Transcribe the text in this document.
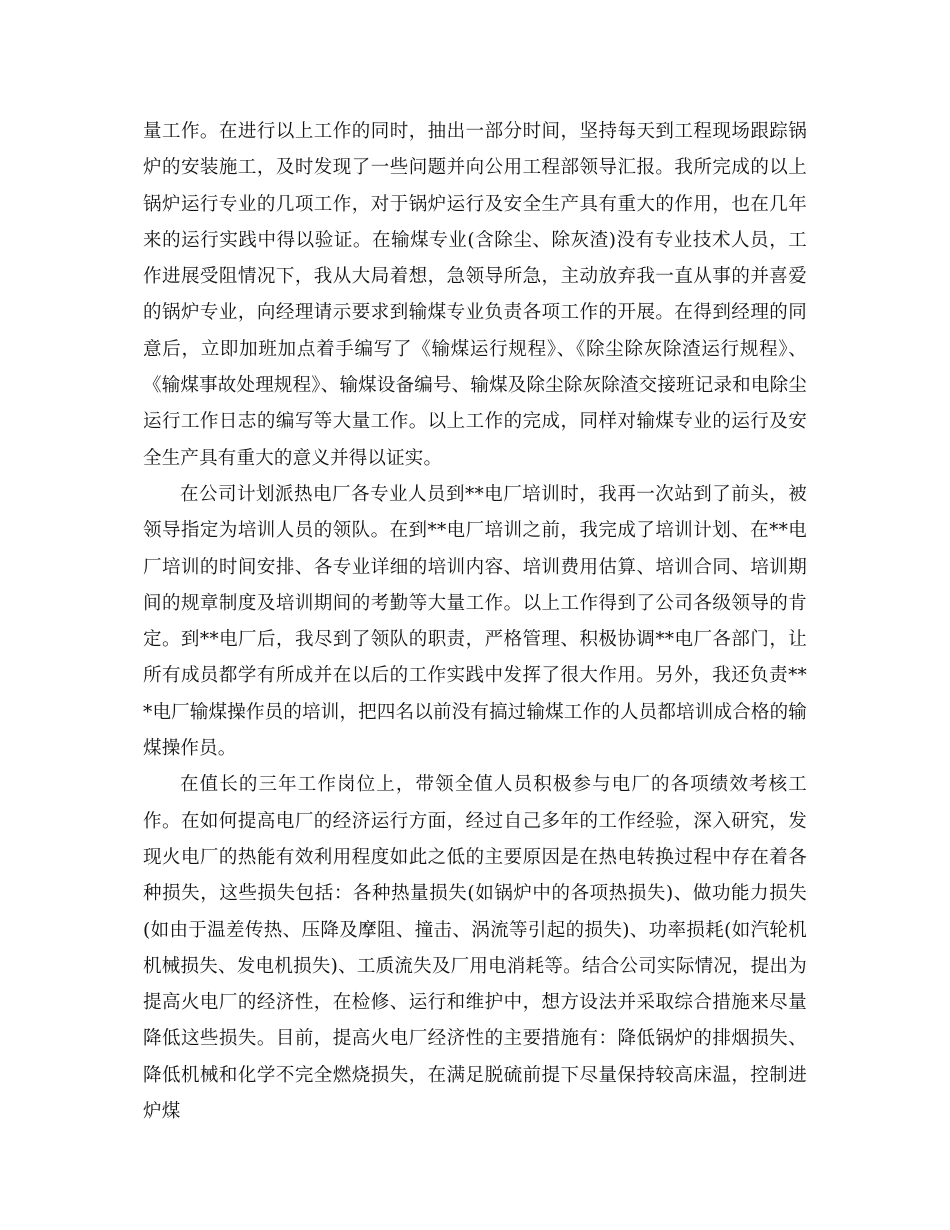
量工作。在进行以上工作的同时，抽出一部分时间，坚持每天到工程现场跟踪锅炉的安装施工，及时发现了一些问题并向公用工程部领导汇报。我所完成的以上锅炉运行专业的几项工作，对于锅炉运行及安全生产具有重大的作用，也在几年来的运行实践中得以验证。在输煤专业(含除尘、除灰渣)没有专业技术人员，工作进展受阻情况下，我从大局着想，急领导所急，主动放弃我一直从事的并喜爱的锅炉专业，向经理请示要求到输煤专业负责各项工作的开展。在得到经理的同意后，立即加班加点着手编写了《输煤运行规程》、《除尘除灰除渣运行规程》、《输煤事故处理规程》、输煤设备编号、输煤及除尘除灰除渣交接班记录和电除尘运行工作日志的编写等大量工作。以上工作的完成，同样对输煤专业的运行及安全生产具有重大的意义并得以证实。

在公司计划派热电厂各专业人员到**电厂培训时，我再一次站到了前头，被领导指定为培训人员的领队。在到**电厂培训之前，我完成了培训计划、在**电厂培训的时间安排、各专业详细的培训内容、培训费用估算、培训合同、培训期间的规章制度及培训期间的考勤等大量工作。以上工作得到了公司各级领导的肯定。到**电厂后，我尽到了领队的职责，严格管理、积极协调**电厂各部门，让所有成员都学有所成并在以后的工作实践中发挥了很大作用。另外，我还负责***电厂输煤操作员的培训，把四名以前没有搞过输煤工作的人员都培训成合格的输煤操作员。

在值长的三年工作岗位上，带领全值人员积极参与电厂的各项绩效考核工作。在如何提高电厂的经济运行方面，经过自己多年的工作经验，深入研究，发现火电厂的热能有效利用程度如此之低的主要原因是在热电转换过程中存在着各种损失，这些损失包括：各种热量损失(如锅炉中的各项热损失)、做功能力损失(如由于温差传热、压降及摩阻、撞击、涡流等引起的损失)、功率损耗(如汽轮机机械损失、发电机损失)、工质流失及厂用电消耗等。结合公司实际情况，提出为提高火电厂的经济性，在检修、运行和维护中，想方设法并采取综合措施来尽量降低这些损失。目前，提高火电厂经济性的主要措施有：降低锅炉的排烟损失、降低机械和化学不完全燃烧损失，在满足脱硫前提下尽量保持较高床温，控制进炉煤
